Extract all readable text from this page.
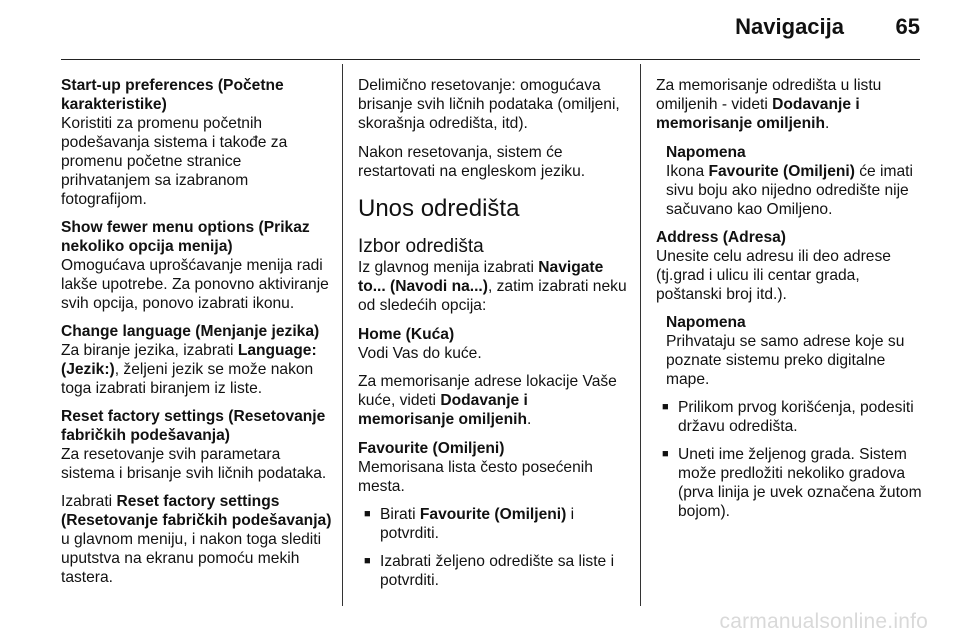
Navigacija 65
Start-up preferences (Početne karakteristike)
Koristiti za promenu početnih podešavanja sistema i takođe za promenu početne stranice prihvatanjem sa izabranom fotografijom.
Show fewer menu options (Prikaz nekoliko opcija menija)
Omogućava uprošćavanje menija radi lakše upotrebe. Za ponovno aktiviranje svih opcija, ponovo izabrati ikonu.
Change language (Menjanje jezika)
Za biranje jezika, izabrati Language: (Jezik:), željeni jezik se može nakon toga izabrati biranjem iz liste.
Reset factory settings (Resetovanje fabričkih podešavanja)
Za resetovanje svih parametara sistema i brisanje svih ličnih podataka.
Izabrati Reset factory settings (Resetovanje fabričkih podešavanja) u glavnom meniju, i nakon toga slediti uputstva na ekranu pomoću mekih tastera.
Delimično resetovanje: omogućava brisanje svih ličnih podataka (omiljeni, skorašnja odredišta, itd).
Nakon resetovanja, sistem će restartovati na engleskom jeziku.
Unos odredišta
Izbor odredišta
Iz glavnog menija izabrati Navigate to... (Navodi na...), zatim izabrati neku od sledećih opcija:
Home (Kuća)
Vodi Vas do kuće.
Za memorisanje adrese lokacije Vaše kuće, videti Dodavanje i memorisanje omiljenih.
Favourite (Omiljeni)
Memorisana lista često posećenih mesta.
■ Birati Favourite (Omiljeni) i potvrditi.
■ Izabrati željeno odredište sa liste i potvrditi.
Za memorisanje odredišta u listu omiljenih - videti Dodavanje i memorisanje omiljenih.
Napomena
Ikona Favourite (Omiljeni) će imati sivu boju ako nijedno odredište nije sačuvano kao Omiljeno.
Address (Adresa)
Unesite celu adresu ili deo adrese (tj.grad i ulicu ili centar grada, poštanski broj itd.).
Napomena
Prihvataju se samo adrese koje su poznate sistemu preko digitalne mape.
■ Prilikom prvog korišćenja, podesiti državu odredišta.
■ Uneti ime željenog grada. Sistem može predložiti nekoliko gradova (prva linija je uvek označena žutom bojom).
carmanualsonline.info
